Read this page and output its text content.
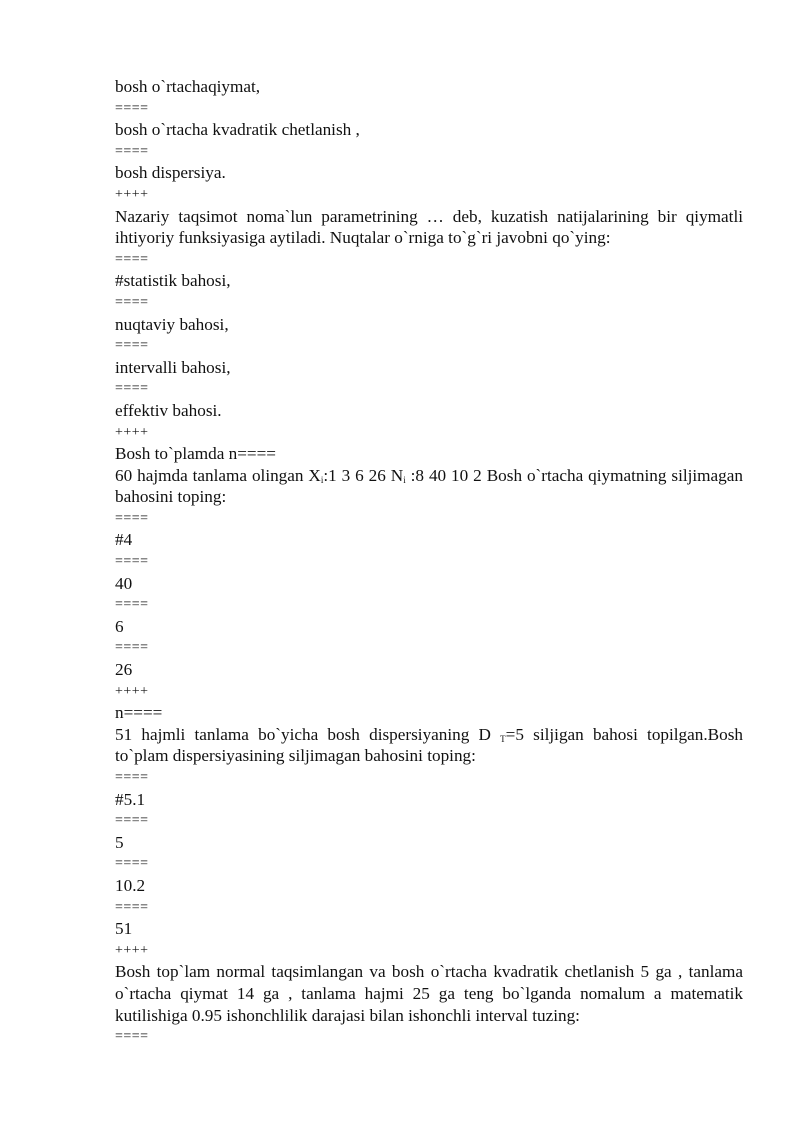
bosh o`rtachaqiymat,
====
bosh o`rtacha kvadratik chetlanish ,
====
bosh dispersiya.
++++
Nazariy taqsimot noma`lun parametrining … deb, kuzatish natijalarining bir qiymatli ihtiyoriy funksiyasiga aytiladi. Nuqtalar o`rniga to`g`ri javobni qo`ying:
====
#statistik bahosi,
====
nuqtaviy bahosi,
====
intervalli bahosi,
====
effektiv bahosi.
++++
Bosh to`plamda n====
60 hajmda tanlama olingan $X_i:1$ 3 6 26 $N_i$ :8 40 10 2 Bosh o`rtacha qiymatning siljimagan bahosini toping:
====
#4
====
40
====
6
====
26
++++
n====
51 hajmli tanlama bo`yicha bosh dispersiyaning D $_T$=5 siljigan bahosi topilgan.Bosh to`plam dispersiyasining siljimagan bahosini toping:
====
#5.1
====
5
====
10.2
====
51
++++
Bosh top`lam normal taqsimlangan va bosh o`rtacha kvadratik chetlanish 5 ga , tanlama o`rtacha qiymat 14 ga , tanlama hajmi 25 ga teng bo`lganda nomalum a matematik kutilishiga 0.95 ishonchlilik darajasi bilan ishonchli interval tuzing:
====
